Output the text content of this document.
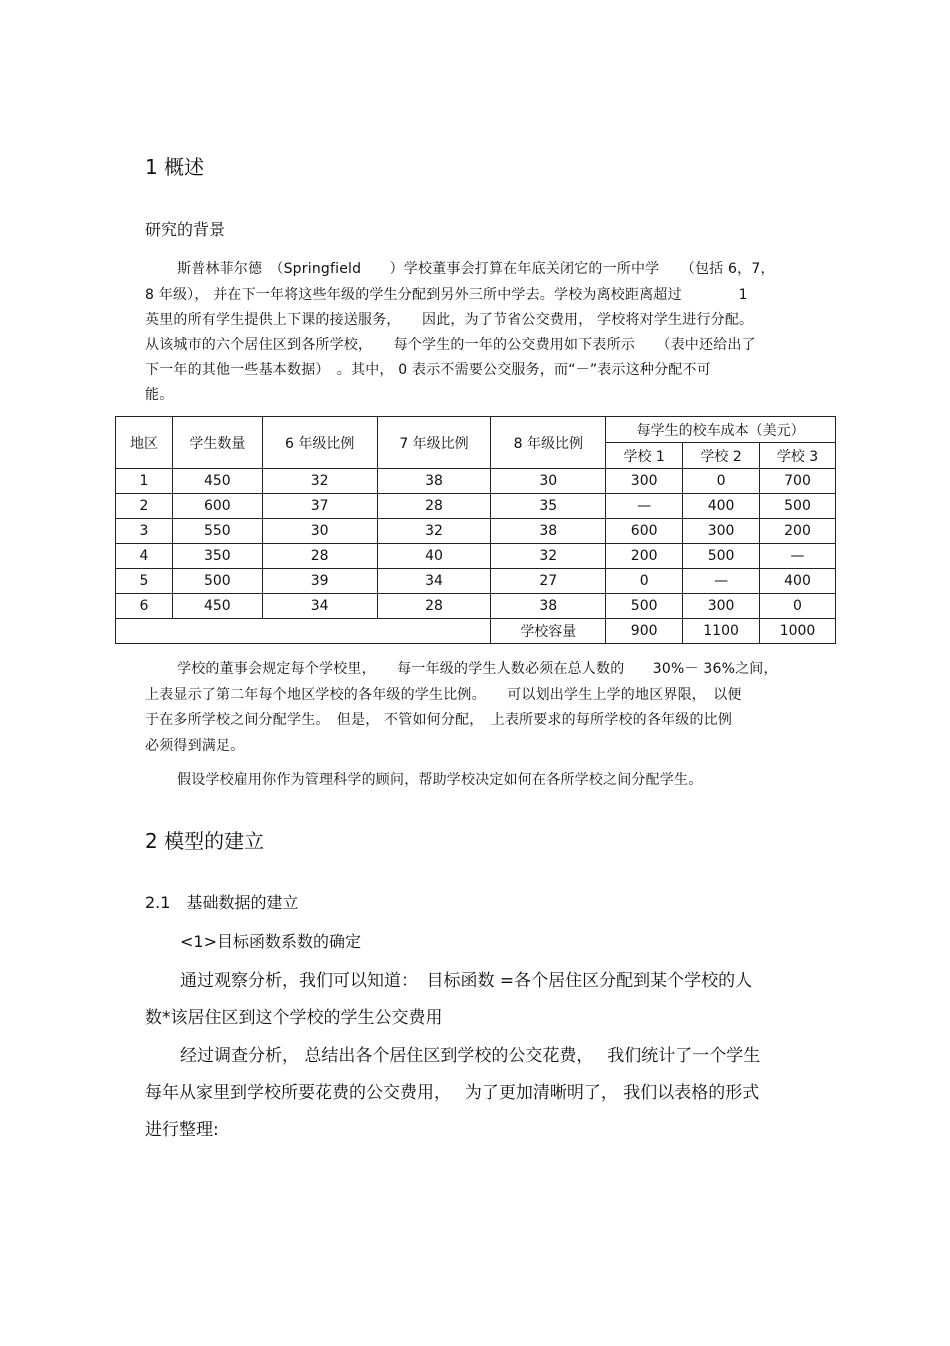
1 概述
研究的背景
斯普林菲尔德　（Springfield　　）学校董事会打算在年底关闭它的一所中学　　（包括 6，7，
8 年级）， 并在下一年将这些年级的学生分配到另外三所中学去。学校为离校距离超过　　　　1
英里的所有学生提供上下课的接送服务，　　因此，为了节省公交费用， 学校将对学生进行分配。
从该城市的六个居住区到各所学校，　　每个学生的一年的公交费用如下表所示　　（表中还给出了
下一年的其他一些基本数据）　。其中， 0 表示不需要公交服务，而“－”表示这种分配不可
能。
地区	学生数量	6 年级比例	7 年级比例	8 年级比例	每学生的校车成本（美元）		
					学校 1	学校 2	学校 3
1	450	32	38	30	300	0	700
2	600	37	28	35	—	400	500
3	550	30	32	38	600	300	200
4	350	28	40	32	200	500	—
5	500	39	34	27	0	—	400
6	450	34	28	38	500	300	0
				学校容量	900	1100	1000
学校的董事会规定每个学校里，　　每一年级的学生人数必须在总人数的　　30%－ 36%之间，
上表显示了第二年每个地区学校的各年级的学生比例。　　可以划出学生上学的地区界限，　以便
于在多所学校之间分配学生。　但是， 不管如何分配，　上表所要求的每所学校的各年级的比例
必须得到满足。
假设学校雇用你作为管理科学的顾问，帮助学校决定如何在各所学校之间分配学生。
2 模型的建立
2.1　基础数据的建立
<1>目标函数系数的确定
通过观察分析，我们可以知道：　目标函数 =各个居住区分配到某个学校的人
数*该居住区到这个学校的学生公交费用
经过调查分析， 总结出各个居住区到学校的公交花费，　 我们统计了一个学生
每年从家里到学校所要花费的公交费用，　 为了更加清晰明了， 我们以表格的形式
进行整理:
